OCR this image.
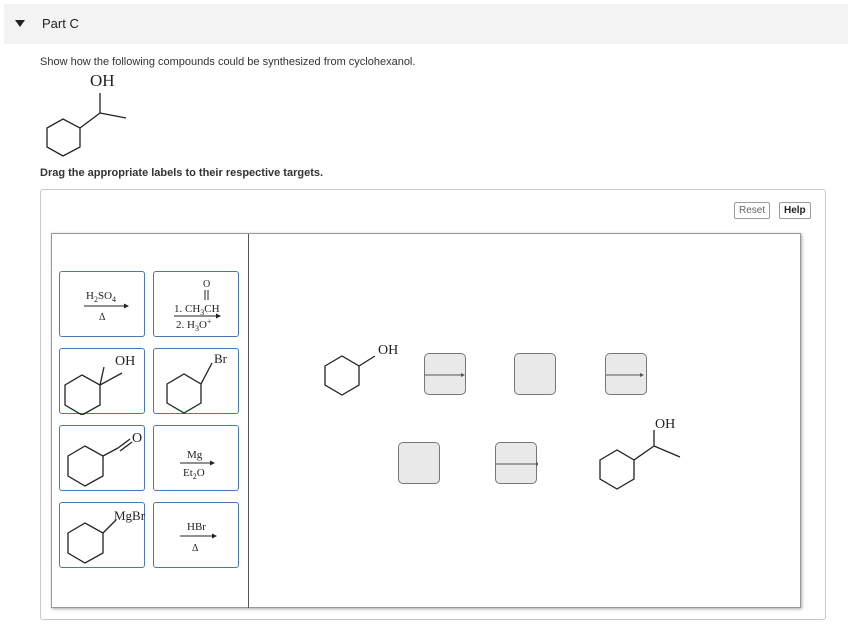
Part C
Show how the following compounds could be synthesized from cyclohexanol.
OH
Drag the appropriate labels to their respective targets.
Reset	Help
$H_2SO_4$
Δ
O
1. $CH_3CH$
2. $H_3O^+$
OH	Br
O
Mg
$Et_2O$
MgBr
HBr
Δ
OH
OH
